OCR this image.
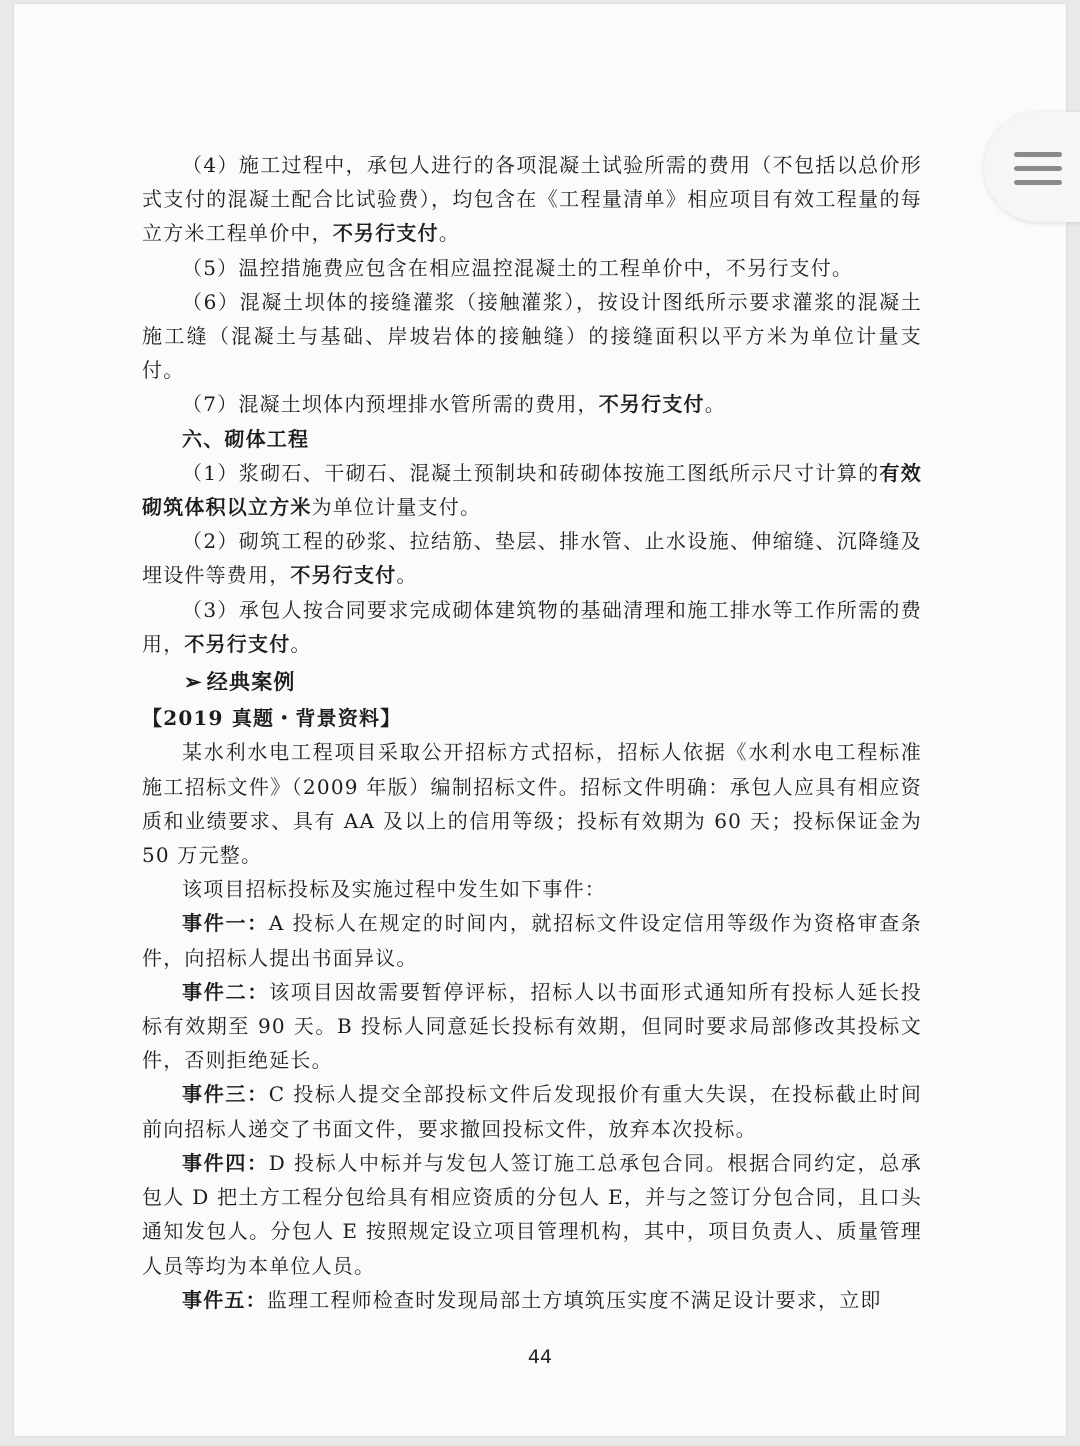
（4）施工过程中，承包人进行的各项混凝土试验所需的费用（不包括以总价形式支付的混凝土配合比试验费），均包含在《工程量清单》相应项目有效工程量的每立方米工程单价中，不另行支付。

（5）温控措施费应包含在相应温控混凝土的工程单价中，不另行支付。

（6）混凝土坝体的接缝灌浆（接触灌浆），按设计图纸所示要求灌浆的混凝土施工缝（混凝土与基础、岸坡岩体的接触缝）的接缝面积以平方米为单位计量支付。

（7）混凝土坝体内预埋排水管所需的费用，不另行支付。

六、砌体工程

（1）浆砌石、干砌石、混凝土预制块和砖砌体按施工图纸所示尺寸计算的有效砌筑体积以立方米为单位计量支付。

（2）砌筑工程的砂浆、拉结筋、垫层、排水管、止水设施、伸缩缝、沉降缝及埋设件等费用，不另行支付。

（3）承包人按合同要求完成砌体建筑物的基础清理和施工排水等工作所需的费用，不另行支付。

➢ 经典案例

【2019 真题・背景资料】

某水利水电工程项目采取公开招标方式招标，招标人依据《水利水电工程标准施工招标文件》（2009 年版）编制招标文件。招标文件明确：承包人应具有相应资质和业绩要求、具有 AA 及以上的信用等级；投标有效期为 60 天；投标保证金为 50 万元整。

该项目招标投标及实施过程中发生如下事件：

事件一：A 投标人在规定的时间内，就招标文件设定信用等级作为资格审查条件，向招标人提出书面异议。

事件二：该项目因故需要暂停评标，招标人以书面形式通知所有投标人延长投标有效期至 90 天。B 投标人同意延长投标有效期，但同时要求局部修改其投标文件，否则拒绝延长。

事件三：C 投标人提交全部投标文件后发现报价有重大失误，在投标截止时间前向招标人递交了书面文件，要求撤回投标文件，放弃本次投标。

事件四：D 投标人中标并与发包人签订施工总承包合同。根据合同约定，总承包人 D 把土方工程分包给具有相应资质的分包人 E，并与之签订分包合同，且口头通知发包人。分包人 E 按照规定设立项目管理机构，其中，项目负责人、质量管理人员等均为本单位人员。

事件五：监理工程师检查时发现局部土方填筑压实度不满足设计要求，立即

44
